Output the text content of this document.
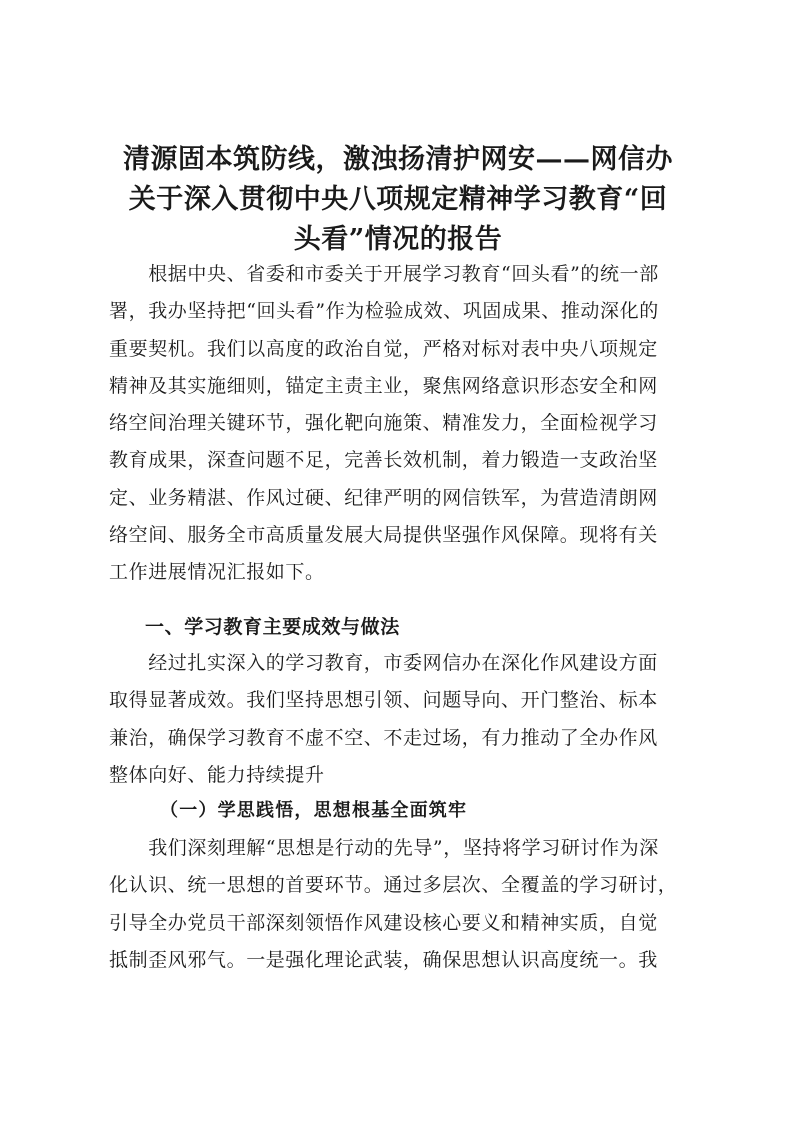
清源固本筑防线，激浊扬清护网安——网信办
关于深入贯彻中央八项规定精神学习教育“回
头看”情况的报告
　　根据中央、省委和市委关于开展学习教育“回头看”的统一部
署，我办坚持把“回头看”作为检验成效、巩固成果、推动深化的
重要契机。我们以高度的政治自觉，严格对标对表中央八项规定
精神及其实施细则，锚定主责主业，聚焦网络意识形态安全和网
络空间治理关键环节，强化靶向施策、精准发力，全面检视学习
教育成果，深查问题不足，完善长效机制，着力锻造一支政治坚
定、业务精湛、作风过硬、纪律严明的网信铁军，为营造清朗网
络空间、服务全市高质量发展大局提供坚强作风保障。现将有关
工作进展情况汇报如下。
一、学习教育主要成效与做法
　　经过扎实深入的学习教育，市委网信办在深化作风建设方面
取得显著成效。我们坚持思想引领、问题导向、开门整治、标本
兼治，确保学习教育不虚不空、不走过场，有力推动了全办作风
整体向好、能力持续提升
（一）学思践悟，思想根基全面筑牢
　　我们深刻理解“思想是行动的先导”，坚持将学习研讨作为深
化认识、统一思想的首要环节。通过多层次、全覆盖的学习研讨，
引导全办党员干部深刻领悟作风建设核心要义和精神实质，自觉
抵制歪风邪气。一是强化理论武装，确保思想认识高度统一。我
